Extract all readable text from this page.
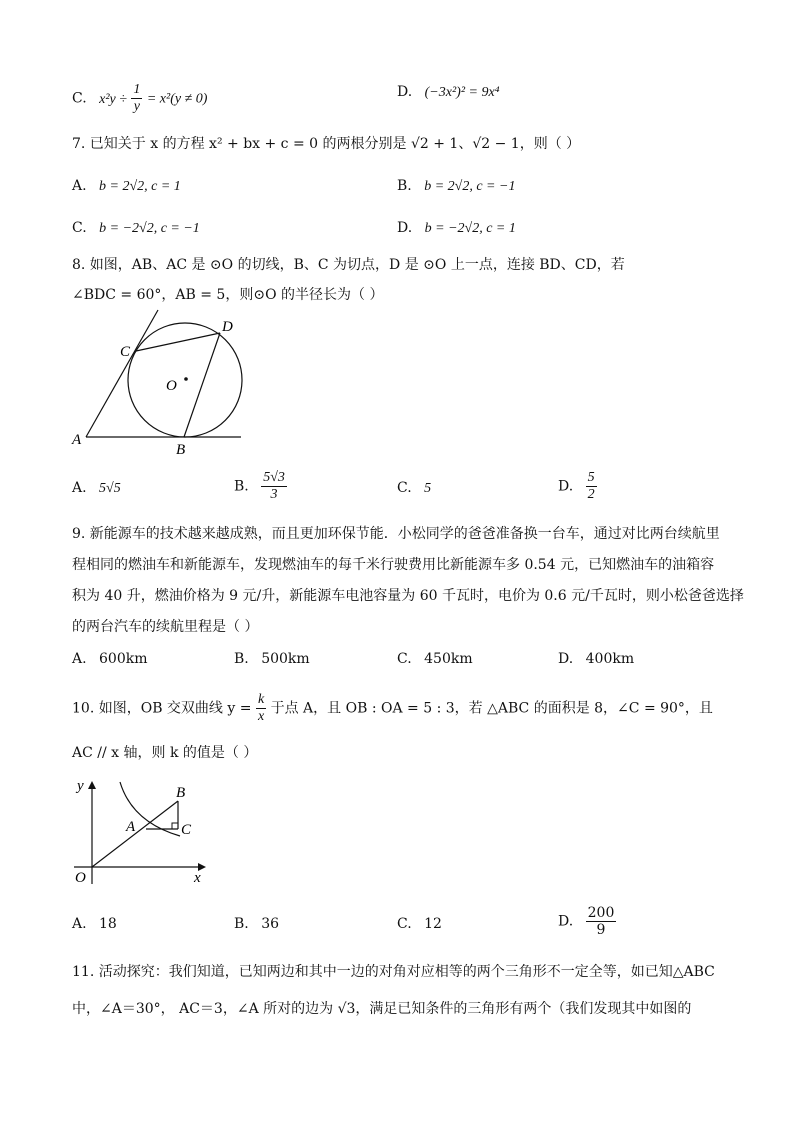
C. $x^2y \div \frac{1}{y} = x^2(y \ne 0)$	D. (−3x²)² = 9x⁴
7. 已知关于 x 的方程 x² + bx + c = 0 的两根分别是 √2 + 1、√2 − 1，则（ ）
A. b = 2√2, c = 1	B. b = 2√2, c = −1
C. b = −2√2, c = −1	D. b = −2√2, c = 1
8. 如图，AB、AC 是 ⊙O 的切线，B、C 为切点，D 是 ⊙O 上一点，连接 BD、CD，若
∠BDC = 60°，AB = 5，则⊙O 的半径长为（ ）
A
B
C
D
O
A. 5√5	B. $\frac{5√3}{3}$	C. 5	D. $\frac{5}{2}$
9. 新能源车的技术越来越成熟，而且更加环保节能．小松同学的爸爸准备换一台车，通过对比两台续航里
程相同的燃油车和新能源车，发现燃油车的每千米行驶费用比新能源车多 0.54 元，已知燃油车的油箱容
积为 40 升，燃油价格为 9 元/升，新能源车电池容量为 60 千瓦时，电价为 0.6 元/千瓦时，则小松爸爸选择
的两台汽车的续航里程是（ ）
A. 600km	B. 500km	C. 450km	D. 400km
10. 如图，OB 交双曲线 $y = \frac{k}{x}$ 于点 A，且 OB : OA = 5 : 3，若 △ABC 的面积是 8，∠C = 90°，且
AC // x 轴，则 k 的值是（ ）
y
x
O
A
B
C
A. 18	B. 36	C. 12	D. $\frac{200}{9}$
11. 活动探究：我们知道，已知两边和其中一边的对角对应相等的两个三角形不一定全等，如已知△ABC
中，∠A＝30°， AC＝3，∠A 所对的边为 √3，满足已知条件的三角形有两个（我们发现其中如图的
